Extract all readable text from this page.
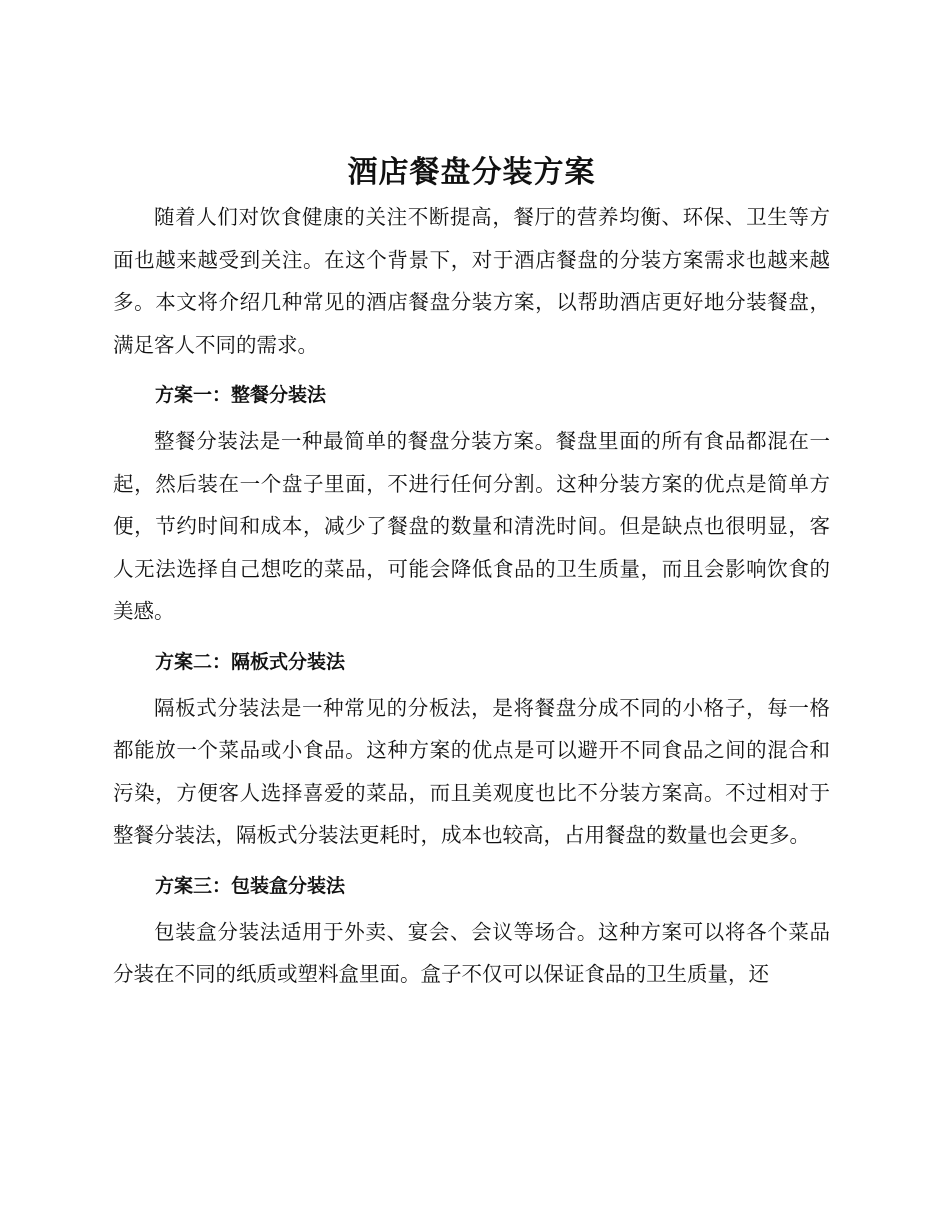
酒店餐盘分装方案

随着人们对饮食健康的关注不断提高，餐厅的营养均衡、环保、卫生等方面也越来越受到关注。在这个背景下，对于酒店餐盘的分装方案需求也越来越多。本文将介绍几种常见的酒店餐盘分装方案，以帮助酒店更好地分装餐盘，满足客人不同的需求。

方案一：整餐分装法

整餐分装法是一种最简单的餐盘分装方案。餐盘里面的所有食品都混在一起，然后装在一个盘子里面，不进行任何分割。这种分装方案的优点是简单方便，节约时间和成本，减少了餐盘的数量和清洗时间。但是缺点也很明显，客人无法选择自己想吃的菜品，可能会降低食品的卫生质量，而且会影响饮食的美感。

方案二：隔板式分装法

隔板式分装法是一种常见的分板法，是将餐盘分成不同的小格子，每一格都能放一个菜品或小食品。这种方案的优点是可以避开不同食品之间的混合和污染，方便客人选择喜爱的菜品，而且美观度也比不分装方案高。不过相对于整餐分装法，隔板式分装法更耗时，成本也较高，占用餐盘的数量也会更多。

方案三：包装盒分装法

包装盒分装法适用于外卖、宴会、会议等场合。这种方案可以将各个菜品分装在不同的纸质或塑料盒里面。盒子不仅可以保证食品的卫生质量，还
